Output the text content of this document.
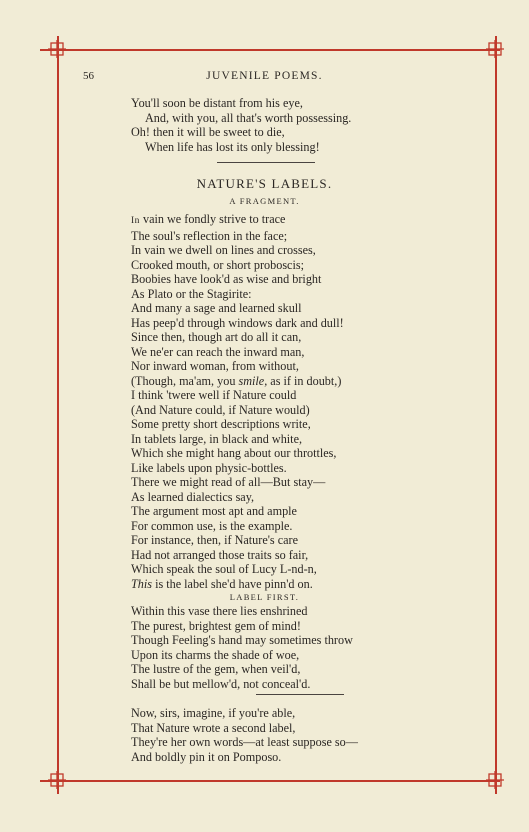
56	JUVENILE POEMS.
You'll soon be distant from his eye,
And, with you, all that's worth possessing.
Oh! then it will be sweet to die,
When life has lost its only blessing!
NATURE'S LABELS.
A FRAGMENT.
In vain we fondly strive to trace
The soul's reflection in the face;
In vain we dwell on lines and crosses,
Crooked mouth, or short proboscis;
Boobies have look'd as wise and bright
As Plato or the Stagirite:
And many a sage and learned skull
Has peep'd through windows dark and dull!
Since then, though art do all it can,
We ne'er can reach the inward man,
Nor inward woman, from without,
(Though, ma'am, you smile, as if in doubt,)
I think 'twere well if Nature could
(And Nature could, if Nature would)
Some pretty short descriptions write,
In tablets large, in black and white,
Which she might hang about our throttles,
Like labels upon physic-bottles.
There we might read of all—But stay—
As learned dialectics say,
The argument most apt and ample
For common use, is the example.
For instance, then, if Nature's care
Had not arranged those traits so fair,
Which speak the soul of Lucy L-nd-n,
This is the label she'd have pinn'd on.
LABEL FIRST.
Within this vase there lies enshrined
The purest, brightest gem of mind!
Though Feeling's hand may sometimes throw
Upon its charms the shade of woe,
The lustre of the gem, when veil'd,
Shall be but mellow'd, not conceal'd.
Now, sirs, imagine, if you're able,
That Nature wrote a second label,
They're her own words—at least suppose so—
And boldly pin it on Pomposo.
